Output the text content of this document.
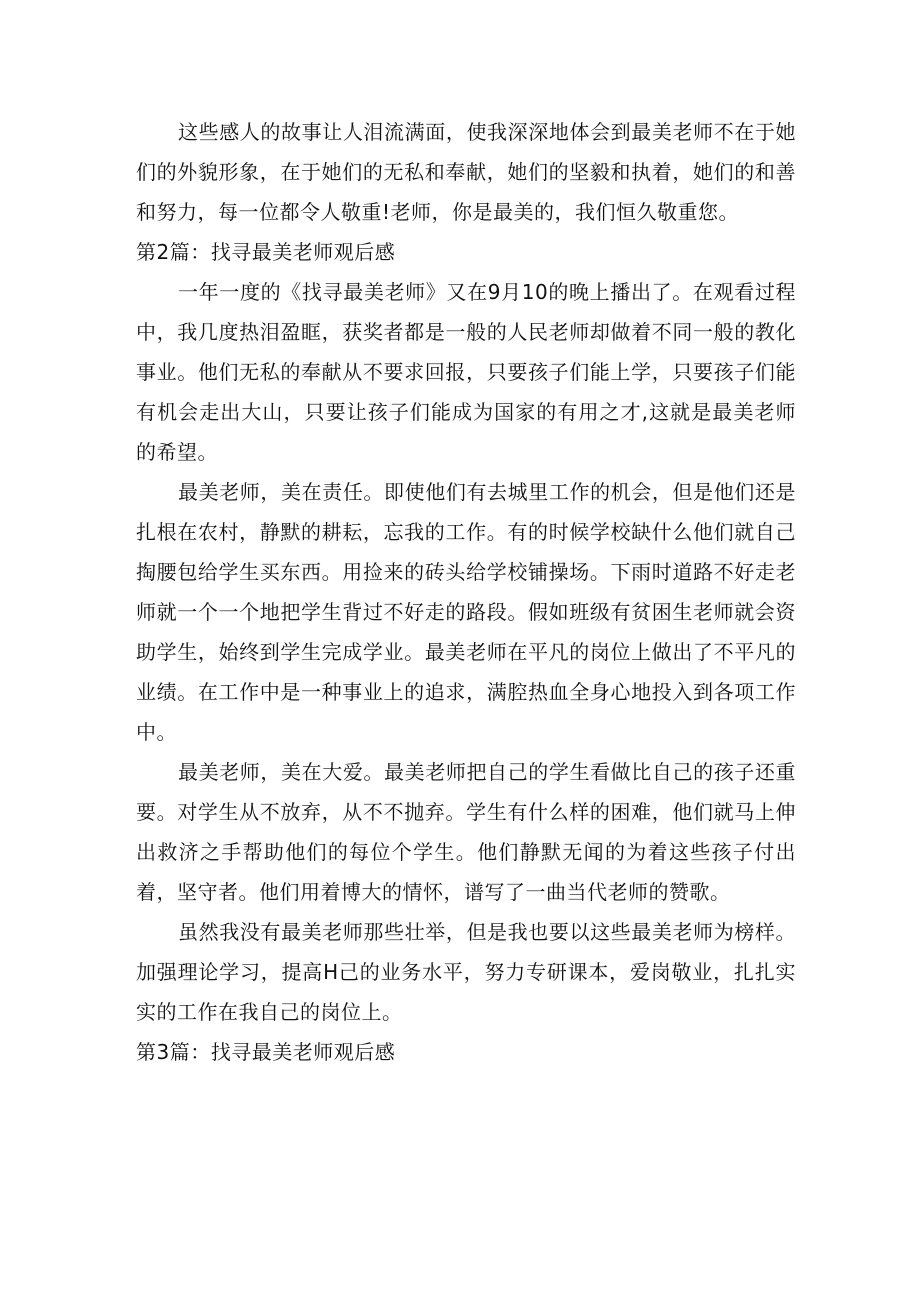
这些感人的故事让人泪流满面，使我深深地体会到最美老师不在于她们的外貌形象，在于她们的无私和奉献，她们的坚毅和执着，她们的和善和努力，每一位都令人敬重!老师，你是最美的，我们恒久敬重您。

第2篇：找寻最美老师观后感

一年一度的《找寻最美老师》又在9月10的晚上播出了。在观看过程中，我几度热泪盈眶，获奖者都是一般的人民老师却做着不同一般的教化事业。他们无私的奉献从不要求回报，只要孩子们能上学，只要孩子们能有机会走出大山，只要让孩子们能成为国家的有用之才,这就是最美老师的希望。

最美老师，美在责任。即使他们有去城里工作的机会，但是他们还是扎根在农村，静默的耕耘，忘我的工作。有的时候学校缺什么他们就自己掏腰包给学生买东西。用捡来的砖头给学校铺操场。下雨时道路不好走老师就一个一个地把学生背过不好走的路段。假如班级有贫困生老师就会资助学生，始终到学生完成学业。最美老师在平凡的岗位上做出了不平凡的业绩。在工作中是一种事业上的追求，满腔热血全身心地投入到各项工作中。

最美老师，美在大爱。最美老师把自己的学生看做比自己的孩子还重要。对学生从不放弃，从不不抛弃。学生有什么样的困难，他们就马上伸出救济之手帮助他们的每位个学生。他们静默无闻的为着这些孩子付出着，坚守者。他们用着博大的情怀，谱写了一曲当代老师的赞歌。

虽然我没有最美老师那些壮举，但是我也要以这些最美老师为榜样。加强理论学习，提高H己的业务水平，努力专研课本，爱岗敬业，扎扎实实的工作在我自己的岗位上。

第3篇：找寻最美老师观后感
